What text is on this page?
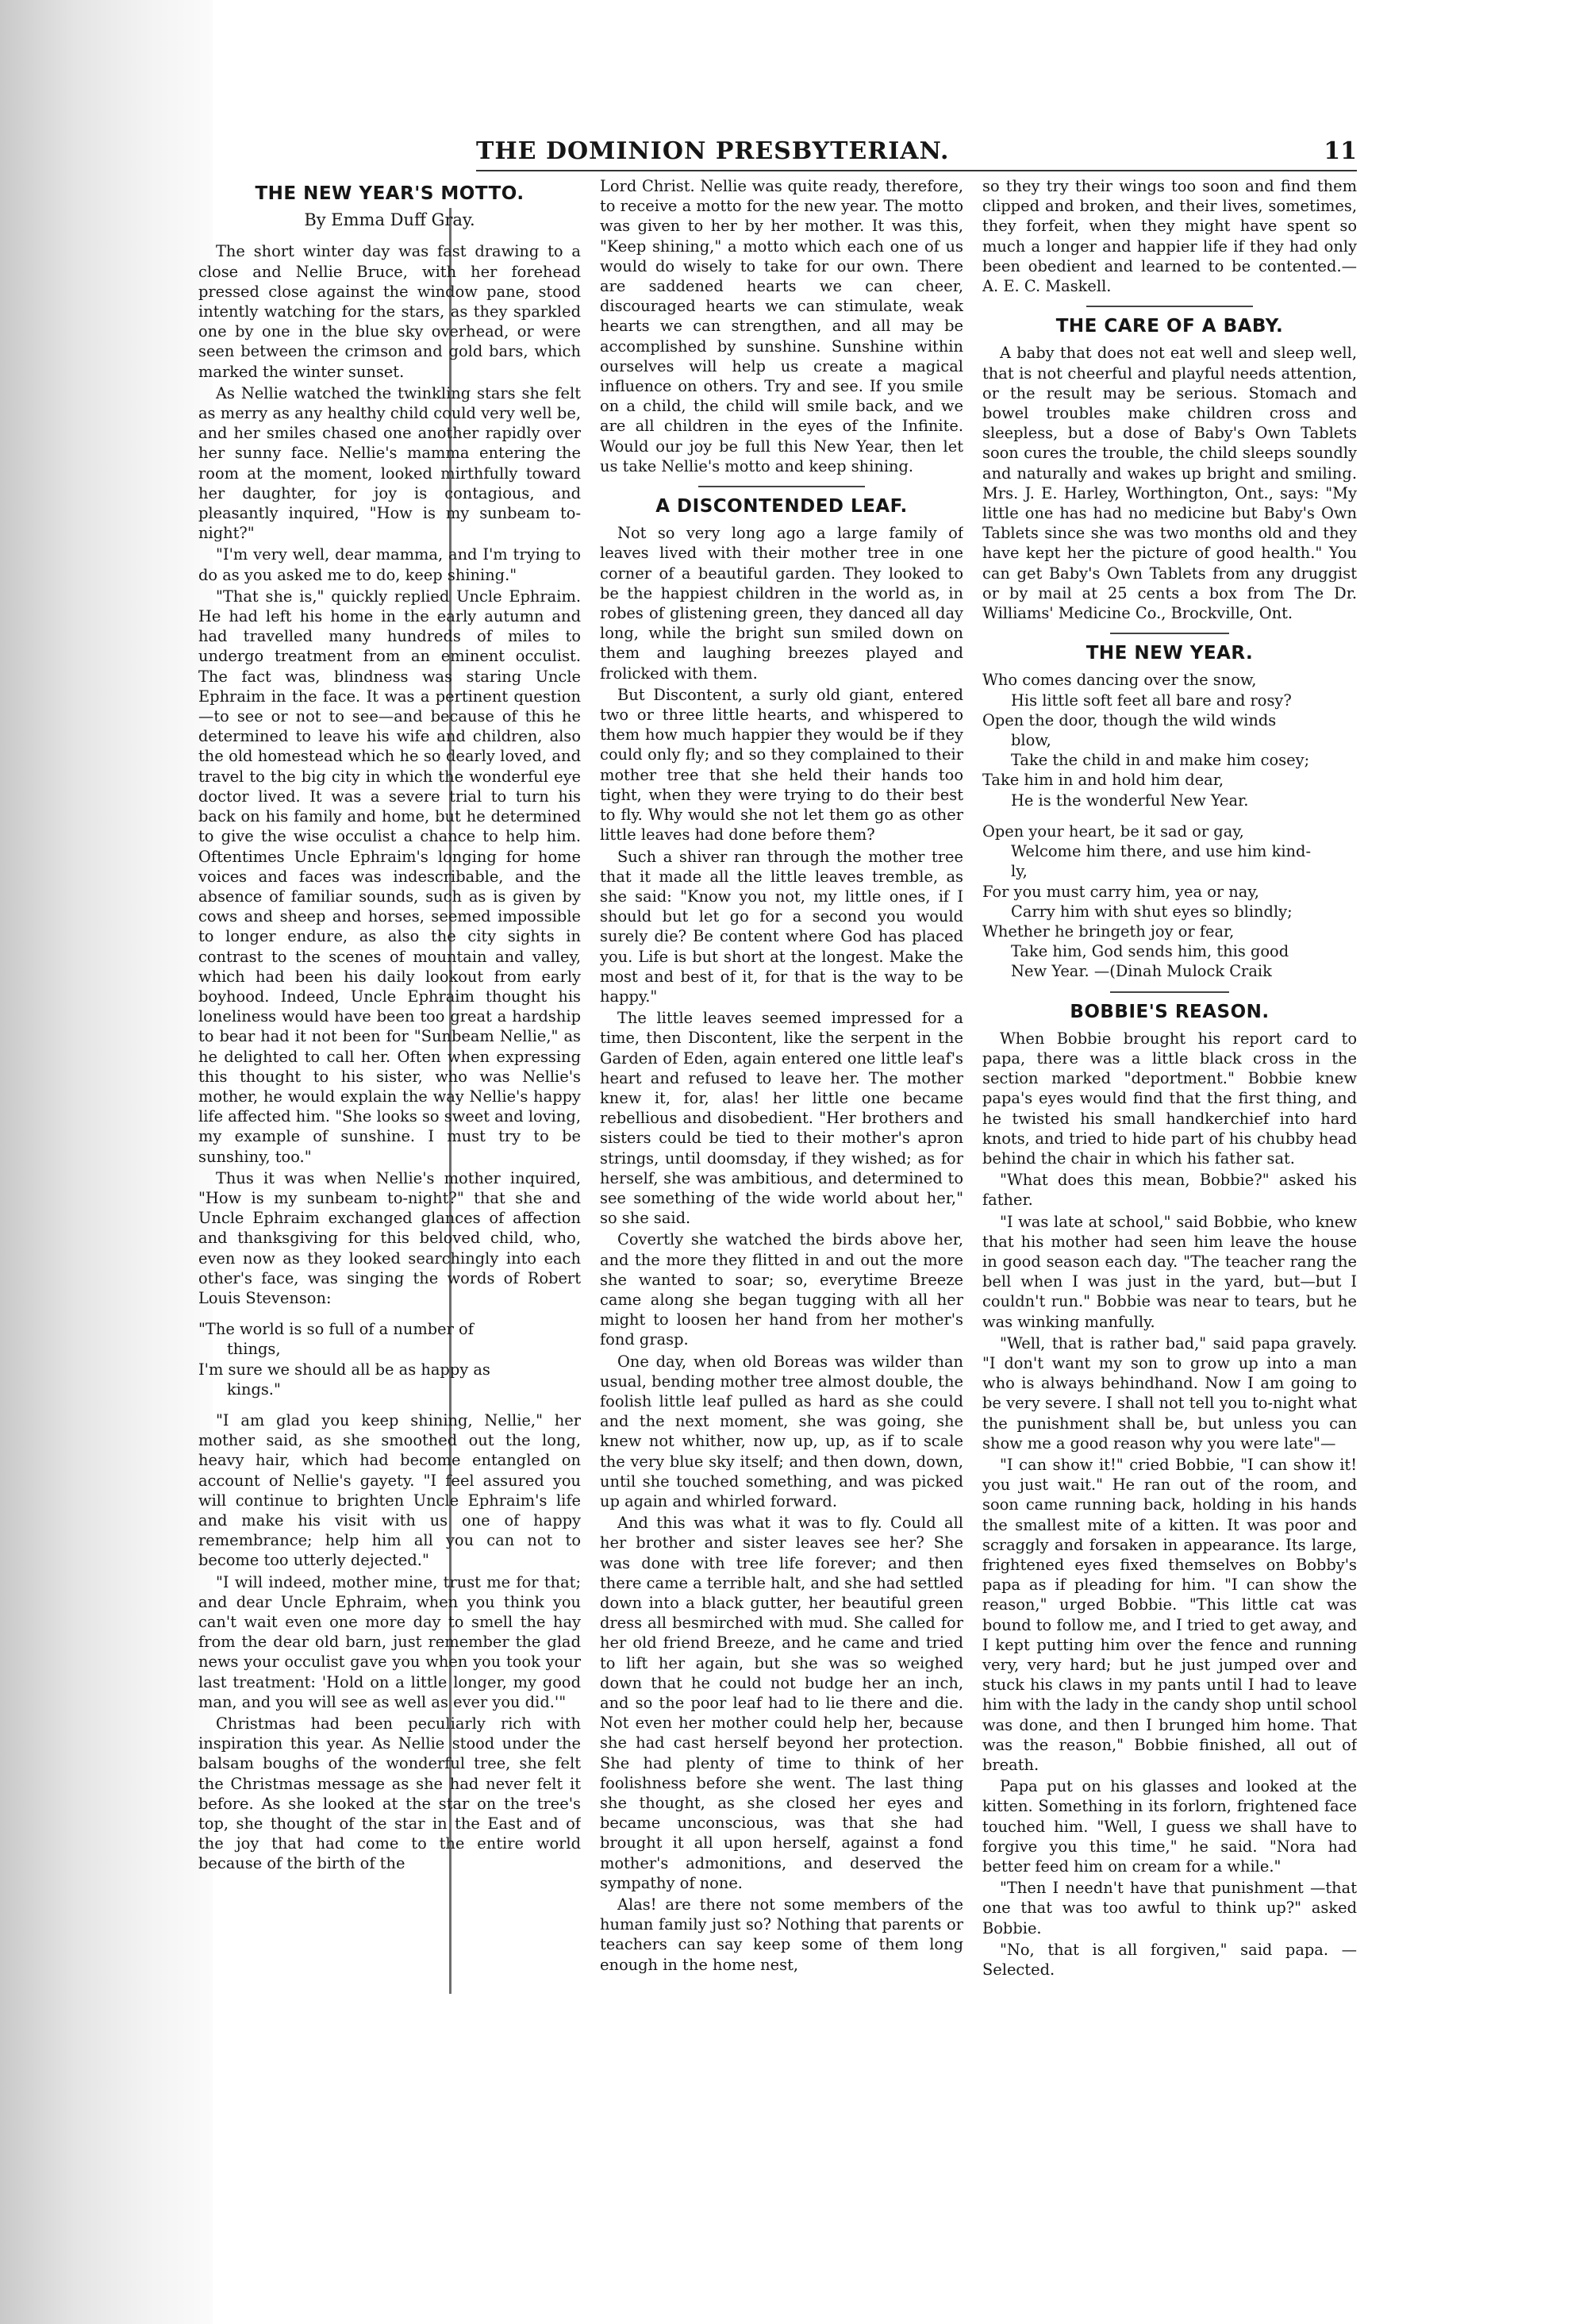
THE DOMINION PRESBYTERIAN.	11
THE NEW YEAR'S MOTTO.
By Emma Duff Gray.

The short winter day was fast drawing to a close and Nellie Bruce, with her forehead pressed close against the window pane, stood intently watching for the stars, as they sparkled one by one in the blue sky overhead, or were seen between the crimson and gold bars, which marked the winter sunset.

As Nellie watched the twinkling stars she felt as merry as any healthy child could very well be, and her smiles chased one another rapidly over her sunny face. Nellie's mamma entering the room at the moment, looked mirthfully toward her daughter, for joy is contagious, and pleasantly inquired, "How is my sunbeam to-night?"

"I'm very well, dear mamma, and I'm trying to do as you asked me to do, keep shining."

"That she is," quickly replied Uncle Ephraim. He had left his home in the early autumn and had travelled many hundreds of miles to undergo treatment from an eminent occulist. The fact was, blindness was staring Uncle Ephraim in the face. It was a pertinent question—to see or not to see—and because of this he determined to leave his wife and children, also the old homestead which he so dearly loved, and travel to the big city in which the wonderful eye doctor lived. It was a severe trial to turn his back on his family and home, but he determined to give the wise occulist a chance to help him. Oftentimes Uncle Ephraim's longing for home voices and faces was indescribable, and the absence of familiar sounds, such as is given by cows and sheep and horses, seemed impossible to longer endure, as also the city sights in contrast to the scenes of mountain and valley, which had been his daily lookout from early boyhood. Indeed, Uncle Ephraim thought his loneliness would have been too great a hardship to bear had it not been for "Sunbeam Nellie," as he delighted to call her. Often when expressing this thought to his sister, who was Nellie's mother, he would explain the way Nellie's happy life affected him. "She looks so sweet and loving, my example of sunshine. I must try to be sunshiny, too."

Thus it was when Nellie's mother inquired, "How is my sunbeam to-night?" that she and Uncle Ephraim exchanged glances of affection and thanksgiving for this beloved child, who, even now as they looked searchingly into each other's face, was singing the words of Robert Louis Stevenson:

"The world is so full of a number of
things,
I'm sure we should all be as happy as
kings."

"I am glad you keep shining, Nellie," her mother said, as she smoothed out the long, heavy hair, which had become entangled on account of Nellie's gayety. "I feel assured you will continue to brighten Uncle Ephraim's life and make his visit with us one of happy remembrance; help him all you can not to become too utterly dejected."

"I will indeed, mother mine, trust me for that; and dear Uncle Ephraim, when you think you can't wait even one more day to smell the hay from the dear old barn, just remember the glad news your occulist gave you when you took your last treatment: 'Hold on a little longer, my good man, and you will see as well as ever you did.'"

Christmas had been peculiarly rich with inspiration this year. As Nellie stood under the balsam boughs of the wonderful tree, she felt the Christmas message as she had never felt it before. As she looked at the star on the tree's top, she thought of the star in the East and of the joy that had come to the entire world because of the birth of the

Lord Christ. Nellie was quite ready, therefore, to receive a motto for the new year. The motto was given to her by her mother. It was this, "Keep shining," a motto which each one of us would do wisely to take for our own. There are saddened hearts we can cheer, discouraged hearts we can stimulate, weak hearts we can strengthen, and all may be accomplished by sunshine. Sunshine within ourselves will help us create a magical influence on others. Try and see. If you smile on a child, the child will smile back, and we are all children in the eyes of the Infinite. Would our joy be full this New Year, then let us take Nellie's motto and keep shining.

A DISCONTENDED LEAF.

Not so very long ago a large family of leaves lived with their mother tree in one corner of a beautiful garden. They looked to be the happiest children in the world as, in robes of glistening green, they danced all day long, while the bright sun smiled down on them and laughing breezes played and frolicked with them.

But Discontent, a surly old giant, entered two or three little hearts, and whispered to them how much happier they would be if they could only fly; and so they complained to their mother tree that she held their hands too tight, when they were trying to do their best to fly. Why would she not let them go as other little leaves had done before them?

Such a shiver ran through the mother tree that it made all the little leaves tremble, as she said: "Know you not, my little ones, if I should but let go for a second you would surely die? Be content where God has placed you. Life is but short at the longest. Make the most and best of it, for that is the way to be happy."

The little leaves seemed impressed for a time, then Discontent, like the serpent in the Garden of Eden, again entered one little leaf's heart and refused to leave her. The mother knew it, for, alas! her little one became rebellious and disobedient. "Her brothers and sisters could be tied to their mother's apron strings, until doomsday, if they wished; as for herself, she was ambitious, and determined to see something of the wide world about her," so she said.

Covertly she watched the birds above her, and the more they flitted in and out the more she wanted to soar; so, everytime Breeze came along she began tugging with all her might to loosen her hand from her mother's fond grasp.

One day, when old Boreas was wilder than usual, bending mother tree almost double, the foolish little leaf pulled as hard as she could and the next moment, she was going, she knew not whither, now up, up, as if to scale the very blue sky itself; and then down, down, until she touched something, and was picked up again and whirled forward.

And this was what it was to fly. Could all her brother and sister leaves see her? She was done with tree life forever; and then there came a terrible halt, and she had settled down into a black gutter, her beautiful green dress all besmirched with mud. She called for her old friend Breeze, and he came and tried to lift her again, but she was so weighed down that he could not budge her an inch, and so the poor leaf had to lie there and die. Not even her mother could help her, because she had cast herself beyond her protection. She had plenty of time to think of her foolishness before she went. The last thing she thought, as she closed her eyes and became unconscious, was that she had brought it all upon herself, against a fond mother's admonitions, and deserved the sympathy of none.

Alas! are there not some members of the human family just so? Nothing that parents or teachers can say keep some of them long enough in the home nest,

so they try their wings too soon and find them clipped and broken, and their lives, sometimes, they forfeit, when they might have spent so much a longer and happier life if they had only been obedient and learned to be contented.— A. E. C. Maskell.

THE CARE OF A BABY.

A baby that does not eat well and sleep well, that is not cheerful and playful needs attention, or the result may be serious. Stomach and bowel troubles make children cross and sleepless, but a dose of Baby's Own Tablets soon cures the trouble, the child sleeps soundly and naturally and wakes up bright and smiling. Mrs. J. E. Harley, Worthington, Ont., says: "My little one has had no medicine but Baby's Own Tablets since she was two months old and they have kept her the picture of good health." You can get Baby's Own Tablets from any druggist or by mail at 25 cents a box from The Dr. Williams' Medicine Co., Brockville, Ont.

THE NEW YEAR.
Who comes dancing over the snow,
His little soft feet all bare and rosy?
Open the door, though the wild winds
blow,
Take the child in and make him cosey;
Take him in and hold him dear,
He is the wonderful New Year.
Open your heart, be it sad or gay,
Welcome him there, and use him kind-
ly,
For you must carry him, yea or nay,
Carry him with shut eyes so blindly;
Whether he bringeth joy or fear,
Take him, God sends him, this good
New Year. —(Dinah Mulock Craik
BOBBIE'S REASON.

When Bobbie brought his report card to papa, there was a little black cross in the section marked "deportment." Bobbie knew papa's eyes would find that the first thing, and he twisted his small handkerchief into hard knots, and tried to hide part of his chubby head behind the chair in which his father sat.

"What does this mean, Bobbie?" asked his father.

"I was late at school," said Bobbie, who knew that his mother had seen him leave the house in good season each day. "The teacher rang the bell when I was just in the yard, but—but I couldn't run." Bobbie was near to tears, but he was winking manfully.

"Well, that is rather bad," said papa gravely. "I don't want my son to grow up into a man who is always behindhand. Now I am going to be very severe. I shall not tell you to-night what the punishment shall be, but unless you can show me a good reason why you were late"—

"I can show it!" cried Bobbie, "I can show it! you just wait." He ran out of the room, and soon came running back, holding in his hands the smallest mite of a kitten. It was poor and scraggly and forsaken in appearance. Its large, frightened eyes fixed themselves on Bobby's papa as if pleading for him. "I can show the reason," urged Bobbie. "This little cat was bound to follow me, and I tried to get away, and I kept putting him over the fence and running very, very hard; but he just jumped over and stuck his claws in my pants until I had to leave him with the lady in the candy shop until school was done, and then I brunged him home. That was the reason," Bobbie finished, all out of breath.

Papa put on his glasses and looked at the kitten. Something in its forlorn, frightened face touched him. "Well, I guess we shall have to forgive you this time," he said. "Nora had better feed him on cream for a while."

"Then I needn't have that punishment —that one that was too awful to think up?" asked Bobbie.

"No, that is all forgiven," said papa. —Selected.
